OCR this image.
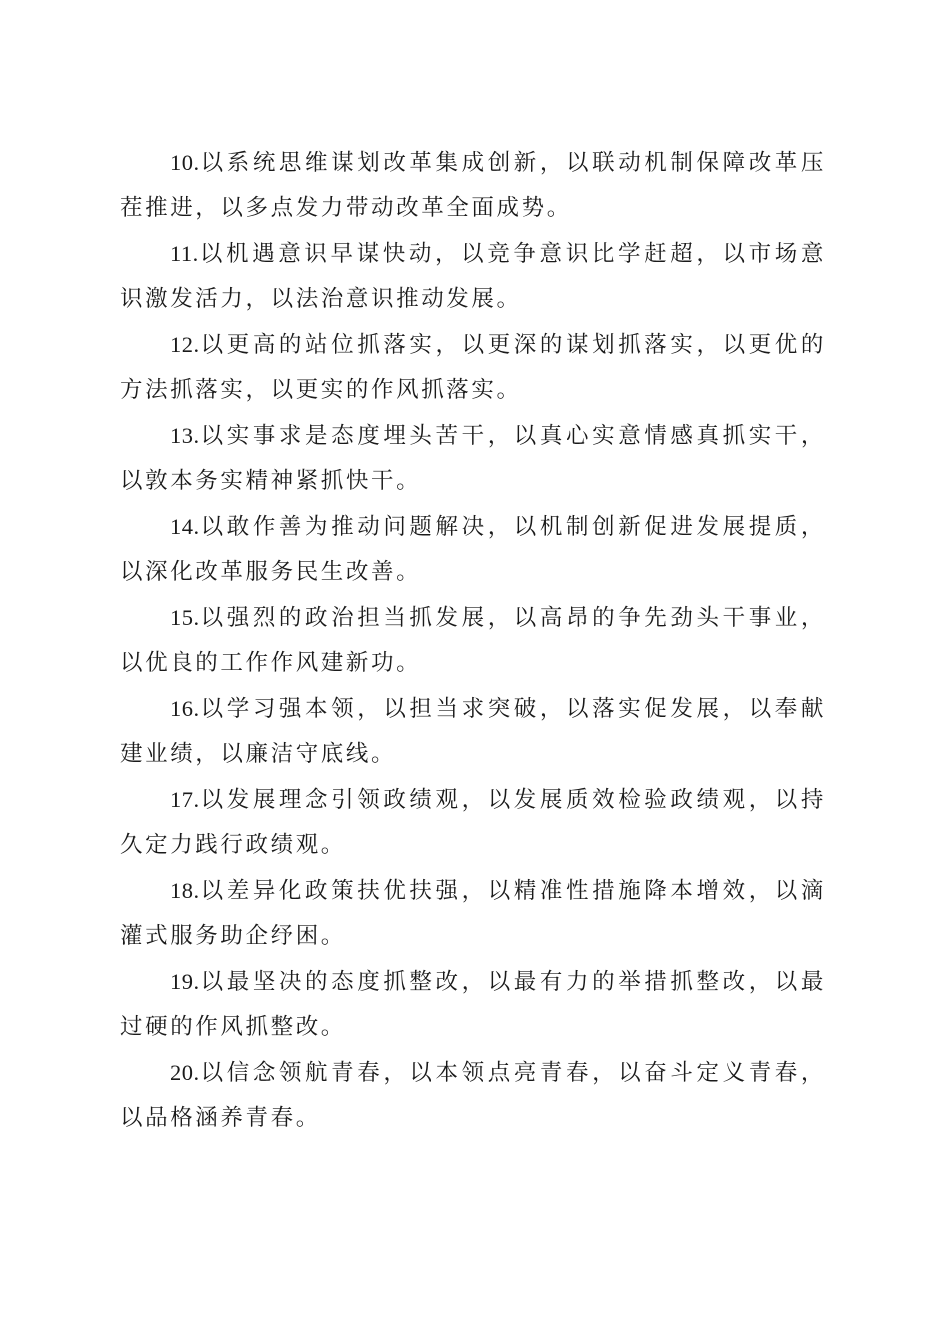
10.以系统思维谋划改革集成创新，以联动机制保障改革压茬推进，以多点发力带动改革全面成势。

11.以机遇意识早谋快动，以竞争意识比学赶超，以市场意识激发活力，以法治意识推动发展。

12.以更高的站位抓落实，以更深的谋划抓落实，以更优的方法抓落实，以更实的作风抓落实。

13.以实事求是态度埋头苦干，以真心实意情感真抓实干，以敦本务实精神紧抓快干。

14.以敢作善为推动问题解决，以机制创新促进发展提质，以深化改革服务民生改善。

15.以强烈的政治担当抓发展，以高昂的争先劲头干事业，以优良的工作作风建新功。

16.以学习强本领，以担当求突破，以落实促发展，以奉献建业绩，以廉洁守底线。

17.以发展理念引领政绩观，以发展质效检验政绩观，以持久定力践行政绩观。

18.以差异化政策扶优扶强，以精准性措施降本增效，以滴灌式服务助企纾困。

19.以最坚决的态度抓整改，以最有力的举措抓整改，以最过硬的作风抓整改。

20.以信念领航青春，以本领点亮青春，以奋斗定义青春，以品格涵养青春。
